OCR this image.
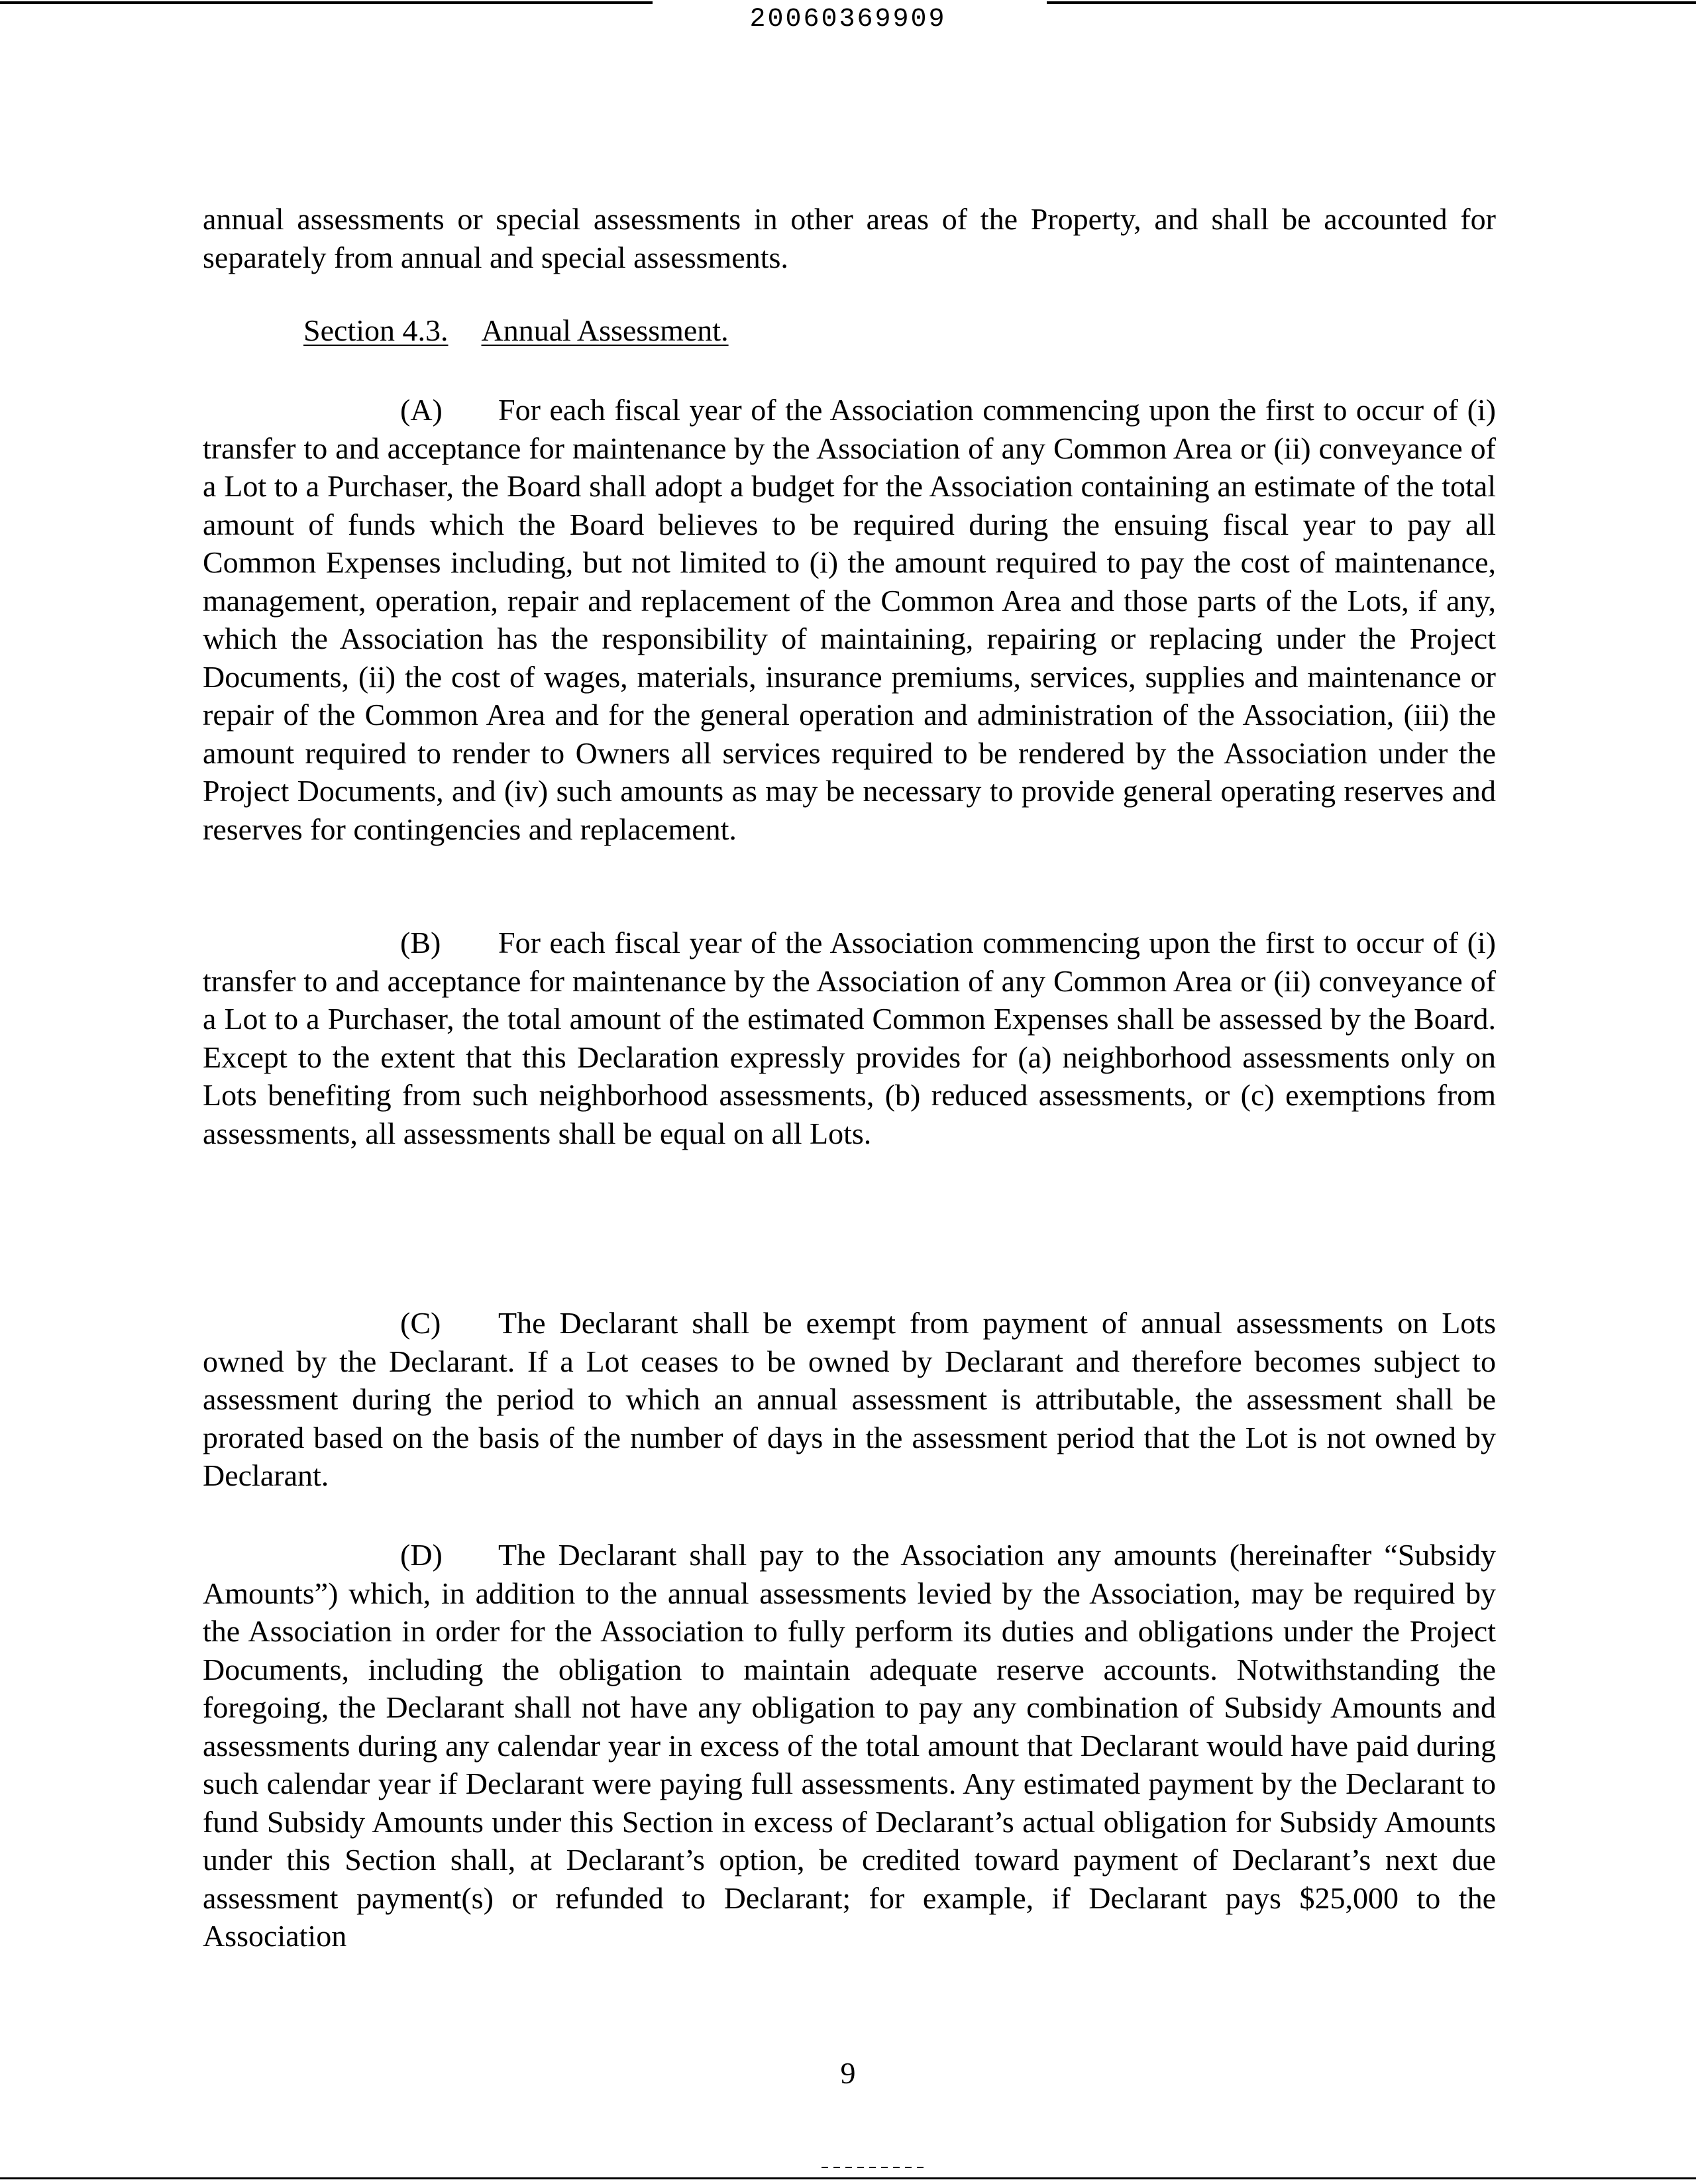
20060369909

annual assessments or special assessments in other areas of the Property, and shall be accounted for separately from annual and special assessments.

Section 4.3. Annual Assessment.

(A) For each fiscal year of the Association commencing upon the first to occur of (i) transfer to and acceptance for maintenance by the Association of any Common Area or (ii) conveyance of a Lot to a Purchaser, the Board shall adopt a budget for the Association containing an estimate of the total amount of funds which the Board believes to be required during the ensuing fiscal year to pay all Common Expenses including, but not limited to (i) the amount required to pay the cost of maintenance, management, operation, repair and replacement of the Common Area and those parts of the Lots, if any, which the Association has the responsibility of maintaining, repairing or replacing under the Project Documents, (ii) the cost of wages, materials, insurance premiums, services, supplies and maintenance or repair of the Common Area and for the general operation and administration of the Association, (iii) the amount required to render to Owners all services required to be rendered by the Association under the Project Documents, and (iv) such amounts as may be necessary to provide general operating reserves and reserves for contingencies and replacement.

(B) For each fiscal year of the Association commencing upon the first to occur of (i) transfer to and acceptance for maintenance by the Association of any Common Area or (ii) conveyance of a Lot to a Purchaser, the total amount of the estimated Common Expenses shall be assessed by the Board. Except to the extent that this Declaration expressly provides for (a) neighborhood assessments only on Lots benefiting from such neighborhood assessments, (b) reduced assessments, or (c) exemptions from assessments, all assessments shall be equal on all Lots.

(C) The Declarant shall be exempt from payment of annual assessments on Lots owned by the Declarant. If a Lot ceases to be owned by Declarant and therefore becomes subject to assessment during the period to which an annual assessment is attributable, the assessment shall be prorated based on the basis of the number of days in the assessment period that the Lot is not owned by Declarant.

(D) The Declarant shall pay to the Association any amounts (hereinafter “Subsidy Amounts”) which, in addition to the annual assessments levied by the Association, may be required by the Association in order for the Association to fully perform its duties and obligations under the Project Documents, including the obligation to maintain adequate reserve accounts. Notwithstanding the foregoing, the Declarant shall not have any obligation to pay any combination of Subsidy Amounts and assessments during any calendar year in excess of the total amount that Declarant would have paid during such calendar year if Declarant were paying full assessments. Any estimated payment by the Declarant to fund Subsidy Amounts under this Section in excess of Declarant’s actual obligation for Subsidy Amounts under this Section shall, at Declarant’s option, be credited toward payment of Declarant’s next due assessment payment(s) or refunded to Declarant; for example, if Declarant pays $25,000 to the Association

9
